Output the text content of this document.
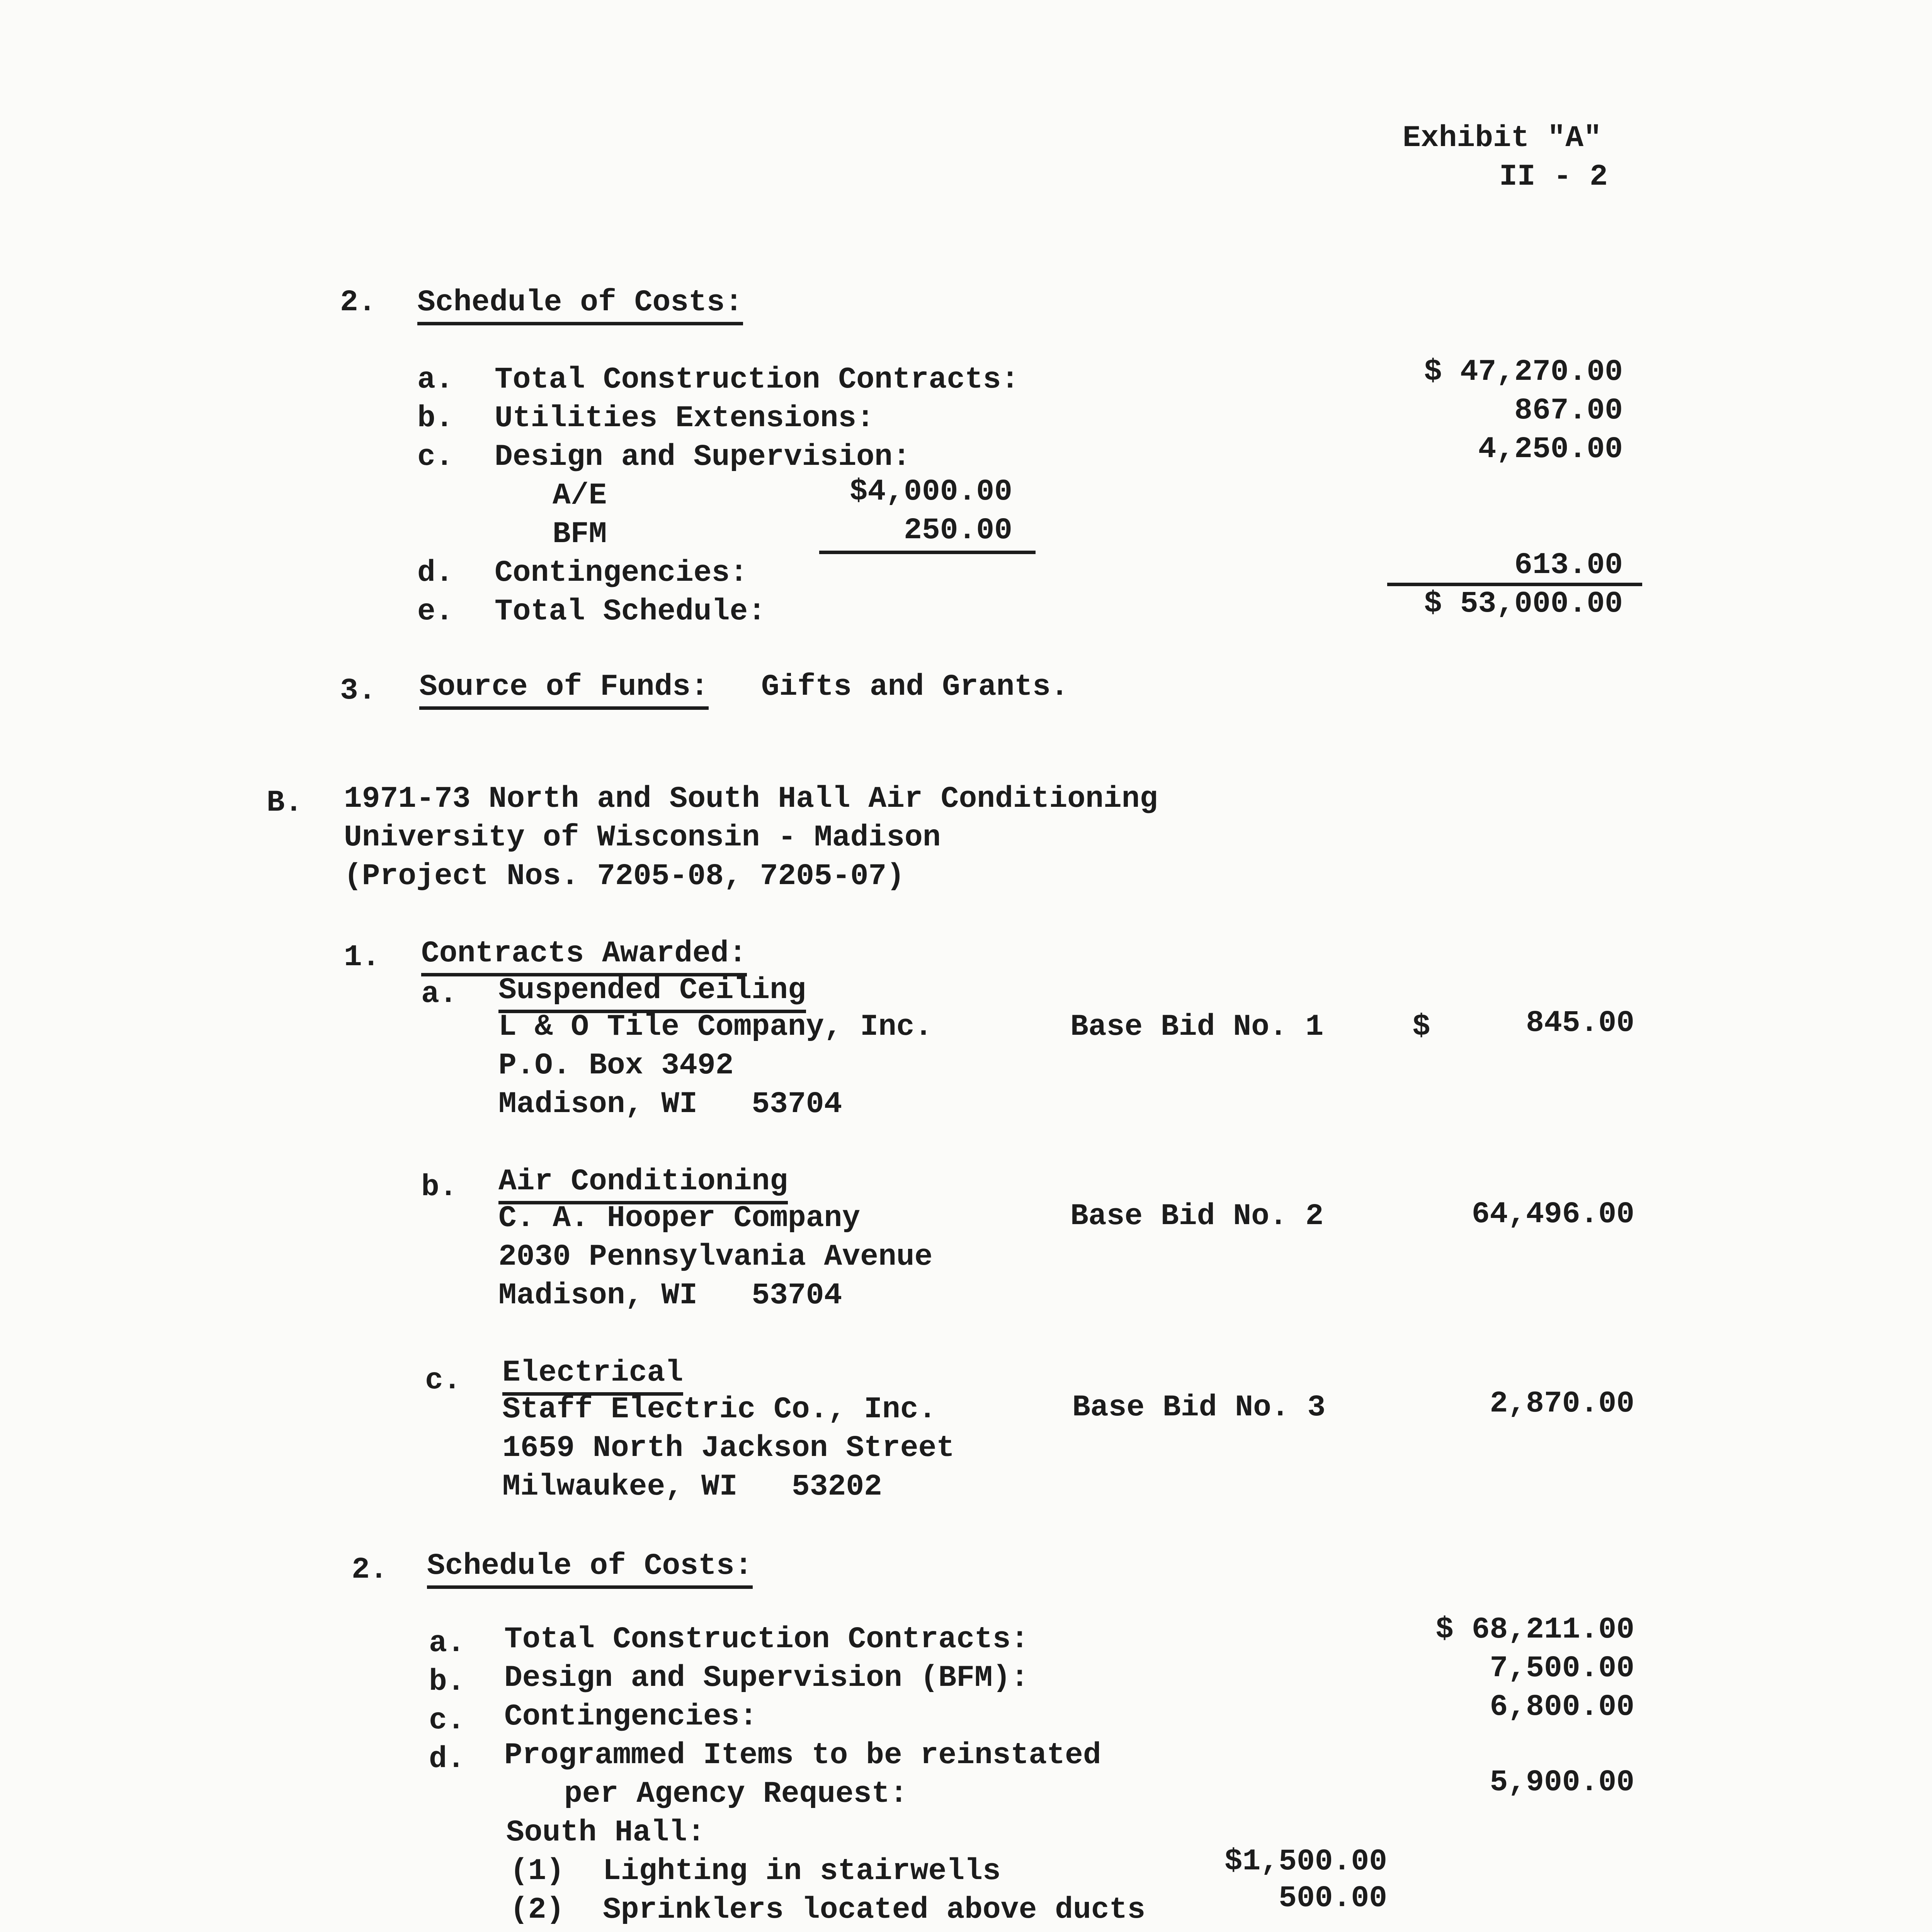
Exhibit "A"
II - 2
2. Schedule of Costs:
a. Total Construction Contracts:	$ 47,270.00
b. Utilities Extensions:	867.00
c. Design and Supervision:	4,250.00
A/E	$4,000.00
BFM	250.00
d. Contingencies:	613.00
e. Total Schedule:	$ 53,000.00
3. Source of Funds: Gifts and Grants.
B. 1971-73 North and South Hall Air Conditioning
University of Wisconsin - Madison
(Project Nos. 7205-08, 7205-07)
1. Contracts Awarded:
a. Suspended Ceiling
L & O Tile Company, Inc.
P.O. Box 3492
Madison, WI   53704
Base Bid No. 1	$	845.00
b. Air Conditioning
C. A. Hooper Company
2030 Pennsylvania Avenue
Madison, WI   53704
Base Bid No. 2	64,496.00
c. Electrical
Staff Electric Co., Inc.
1659 North Jackson Street
Milwaukee, WI   53202
Base Bid No. 3	2,870.00
2. Schedule of Costs:
a. Total Construction Contracts:	$ 68,211.00
b. Design and Supervision (BFM):	7,500.00
c. Contingencies:	6,800.00
d. Programmed Items to be reinstated
per Agency Request:	5,900.00
South Hall:
(1) Lighting in stairwells	$1,500.00
(2) Sprinklers located above ducts	500.00
